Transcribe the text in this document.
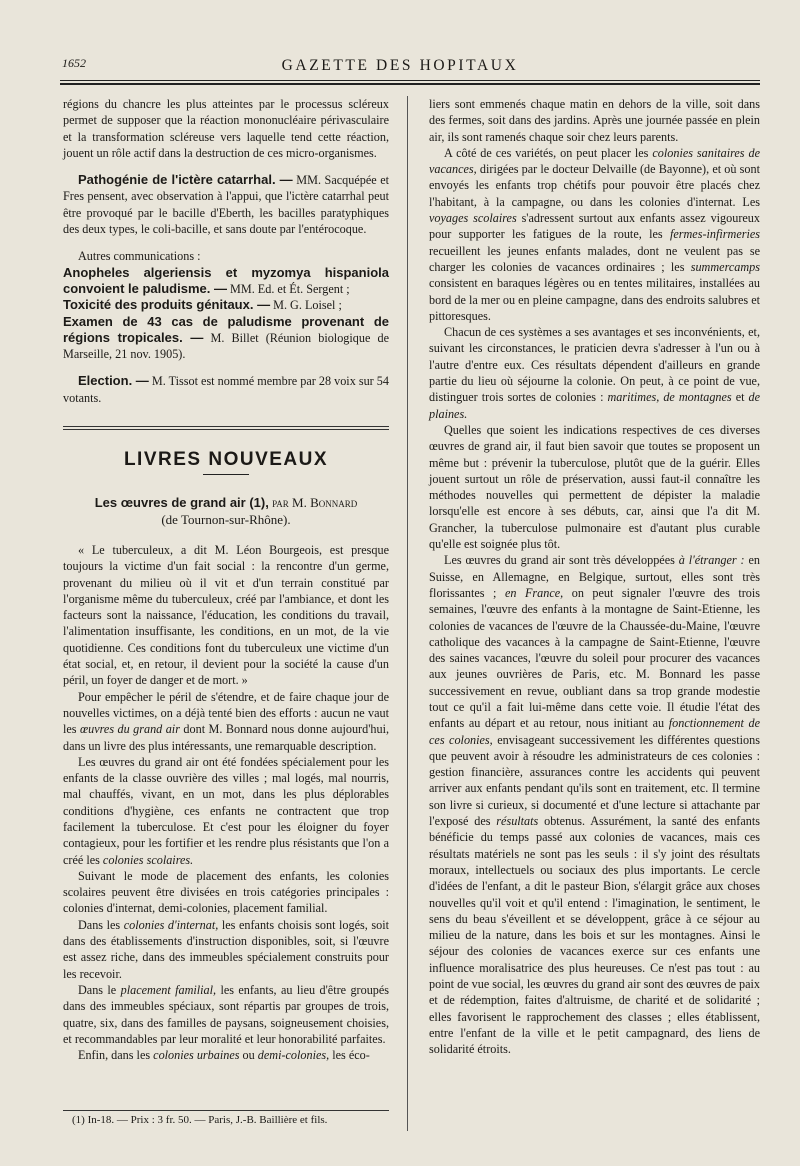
1652	GAZETTE DES HOPITAUX

régions du chancre les plus atteintes par le processus scléreux permet de supposer que la réaction mononucléaire périvasculaire et la transformation scléreuse vers laquelle tend cette réaction, jouent un rôle actif dans la destruction de ces micro-organismes.

Pathogénie de l'ictère catarrhal. — MM. Sacquépée et Fres pensent, avec observation à l'appui, que l'ictère catarrhal peut être provoqué par le bacille d'Eberth, les bacilles paratyphiques des deux types, le coli-bacille, et sans doute par l'entérocoque.

Autres communications :

Anopheles algeriensis et myzomya hispaniola convoient le paludisme. — MM. Ed. et Ét. Sergent ;

Toxicité des produits génitaux. — M. G. Loisel ;

Examen de 43 cas de paludisme provenant de régions tropicales. — M. Billet (Réunion biologique de Marseille, 21 nov. 1905).

Election. — M. Tissot est nommé membre par 28 voix sur 54 votants.

LIVRES NOUVEAUX
Les œuvres de grand air (1), par M. Bonnard
(de Tournon-sur-Rhône).

« Le tuberculeux, a dit M. Léon Bourgeois, est presque toujours la victime d'un fait social : la rencontre d'un germe, provenant du milieu où il vit et d'un terrain constitué par l'organisme même du tuberculeux, créé par l'ambiance, et dont les facteurs sont la naissance, l'éducation, les conditions du travail, l'alimentation insuffisante, les conditions, en un mot, de la vie quotidienne. Ces conditions font du tuberculeux une victime d'un état social, et, en retour, il devient pour la société la cause d'un péril, un foyer de danger et de mort. »

Pour empêcher le péril de s'étendre, et de faire chaque jour de nouvelles victimes, on a déjà tenté bien des efforts : aucun ne vaut les œuvres du grand air dont M. Bonnard nous donne aujourd'hui, dans un livre des plus intéressants, une remarquable description.

Les œuvres du grand air ont été fondées spécialement pour les enfants de la classe ouvrière des villes ; mal logés, mal nourris, mal chauffés, vivant, en un mot, dans les plus déplorables conditions d'hygiène, ces enfants ne contractent que trop facilement la tuberculose. Et c'est pour les éloigner du foyer contagieux, pour les fortifier et les rendre plus résistants que l'on a créé les colonies scolaires.

Suivant le mode de placement des enfants, les colonies scolaires peuvent être divisées en trois catégories principales : colonies d'internat, demi-colonies, placement familial.

Dans les colonies d'internat, les enfants choisis sont logés, soit dans des établissements d'instruction disponibles, soit, si l'œuvre est assez riche, dans des immeubles spécialement construits pour les recevoir.

Dans le placement familial, les enfants, au lieu d'être groupés dans des immeubles spéciaux, sont répartis par groupes de trois, quatre, six, dans des familles de paysans, soigneusement choisies, et recommandables par leur moralité et leur honorabilité parfaites.

Enfin, dans les colonies urbaines ou demi-colonies, les éco-

(1) In-18. — Prix : 3 fr. 50. — Paris, J.-B. Baillière et fils.

liers sont emmenés chaque matin en dehors de la ville, soit dans des fermes, soit dans des jardins. Après une journée passée en plein air, ils sont ramenés chaque soir chez leurs parents.

A côté de ces variétés, on peut placer les colonies sanitaires de vacances, dirigées par le docteur Delvaille (de Bayonne), et où sont envoyés les enfants trop chétifs pour pouvoir être placés chez l'habitant, à la campagne, ou dans les colonies d'internat. Les voyages scolaires s'adressent surtout aux enfants assez vigoureux pour supporter les fatigues de la route, les fermes-infirmeries recueillent les jeunes enfants malades, dont ne veulent pas se charger les colonies de vacances ordinaires ; les summercamps consistent en baraques légères ou en tentes militaires, installées au bord de la mer ou en pleine campagne, dans des endroits salubres et pittoresques.

Chacun de ces systèmes a ses avantages et ses inconvénients, et, suivant les circonstances, le praticien devra s'adresser à l'un ou à l'autre d'entre eux. Ces résultats dépendent d'ailleurs en grande partie du lieu où séjourne la colonie. On peut, à ce point de vue, distinguer trois sortes de colonies : maritimes, de montagnes et de plaines.

Quelles que soient les indications respectives de ces diverses œuvres de grand air, il faut bien savoir que toutes se proposent un même but : prévenir la tuberculose, plutôt que de la guérir. Elles jouent surtout un rôle de préservation, aussi faut-il connaître les méthodes nouvelles qui permettent de dépister la maladie lorsqu'elle est encore à ses débuts, car, ainsi que l'a dit M. Grancher, la tuberculose pulmonaire est d'autant plus curable qu'elle est soignée plus tôt.

Les œuvres du grand air sont très développées à l'étranger : en Suisse, en Allemagne, en Belgique, surtout, elles sont très florissantes ; en France, on peut signaler l'œuvre des trois semaines, l'œuvre des enfants à la montagne de Saint-Etienne, les colonies de vacances de l'œuvre de la Chaussée-du-Maine, l'œuvre catholique des vacances à la campagne de Saint-Etienne, l'œuvre des saines vacances, l'œuvre du soleil pour procurer des vacances aux jeunes ouvrières de Paris, etc. M. Bonnard les passe successivement en revue, oubliant dans sa trop grande modestie tout ce qu'il a fait lui-même dans cette voie. Il étudie l'état des enfants au départ et au retour, nous initiant au fonctionnement de ces colonies, envisageant successivement les différentes questions que peuvent avoir à résoudre les administrateurs de ces colonies : gestion financière, assurances contre les accidents qui peuvent arriver aux enfants pendant qu'ils sont en traitement, etc. Il termine son livre si curieux, si documenté et d'une lecture si attachante par l'exposé des résultats obtenus. Assurément, la santé des enfants bénéficie du temps passé aux colonies de vacances, mais ces résultats matériels ne sont pas les seuls : il s'y joint des résultats moraux, intellectuels ou sociaux des plus importants. Le cercle d'idées de l'enfant, a dit le pasteur Bion, s'élargit grâce aux choses nouvelles qu'il voit et qu'il entend : l'imagination, le sentiment, le sens du beau s'éveillent et se développent, grâce à ce séjour au milieu de la nature, dans les bois et sur les montagnes. Ainsi le séjour des colonies de vacances exerce sur ces enfants une influence moralisatrice des plus heureuses. Ce n'est pas tout : au point de vue social, les œuvres du grand air sont des œuvres de paix et de rédemption, faites d'altruisme, de charité et de solidarité ; elles favorisent le rapprochement des classes ; elles établissent, entre l'enfant de la ville et le petit campagnard, des liens de solidarité étroits.
